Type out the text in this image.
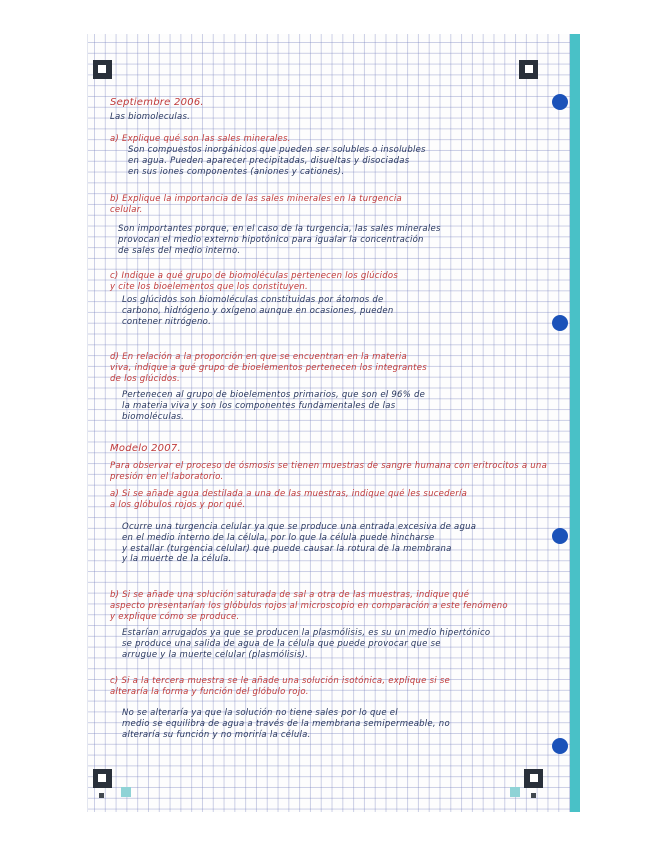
Septiembre 2006.

Las biomoleculas.

a) Explique qué son las sales minerales.

Son compuestos inorgánicos que pueden ser solubles o insolubles
en agua. Pueden aparecer precipitadas, disueltas y disociadas
en sus iones componentes (aniones y cationes).

b) Explique la importancia de las sales minerales en la turgencia
celular.

Son importantes porque, en el caso de la turgencia, las sales minerales
provocan el medio externo hipotónico para igualar la concentración
de sales del medio interno.

c) Indique a qué grupo de biomoléculas pertenecen los glúcidos
y cite los bioelementos que los constituyen.

Los glúcidos son biomoléculas constituidas por átomos de
carbono, hidrógeno y oxígeno aunque en ocasiones, pueden
contener nitrógeno.

d) En relación a la proporción en que se encuentran en la materia
viva, indique a qué grupo de bioelementos pertenecen los integrantes
de los glúcidos.

Pertenecen al grupo de bioelementos primarios, que son el 96% de
la materia viva y son los componentes fundamentales de las
biomoléculas.

Modelo 2007.

Para observar el proceso de ósmosis se tienen muestras de sangre humana con eritrocitos a una
presión en el laboratorio.

a) Si se añade agua destilada a una de las muestras, indique qué les sucedería
a los glóbulos rojos y por qué.

Ocurre una turgencia celular ya que se produce una entrada excesiva de agua
en el medio interno de la célula, por lo que la célula puede hincharse
y estallar (turgencia celular) que puede causar la rotura de la membrana
y la muerte de la célula.

b) Si se añade una solución saturada de sal a otra de las muestras, indique qué
aspecto presentarían los glóbulos rojos al microscopio en comparación a este fenómeno
y explique cómo se produce.

Estarían arrugados ya que se producen la plasmólisis, es su un medio hipertónico
se produce una salida de agua de la célula que puede provocar que se
arrugue y la muerte celular (plasmólisis).

c) Si a la tercera muestra se le añade una solución isotónica, explique si se
alteraría la forma y función del glóbulo rojo.

No se alteraría ya que la solución no tiene sales por lo que el
medio se equilibra de agua a través de la membrana semipermeable, no
alteraría su función y no moriría la célula.
